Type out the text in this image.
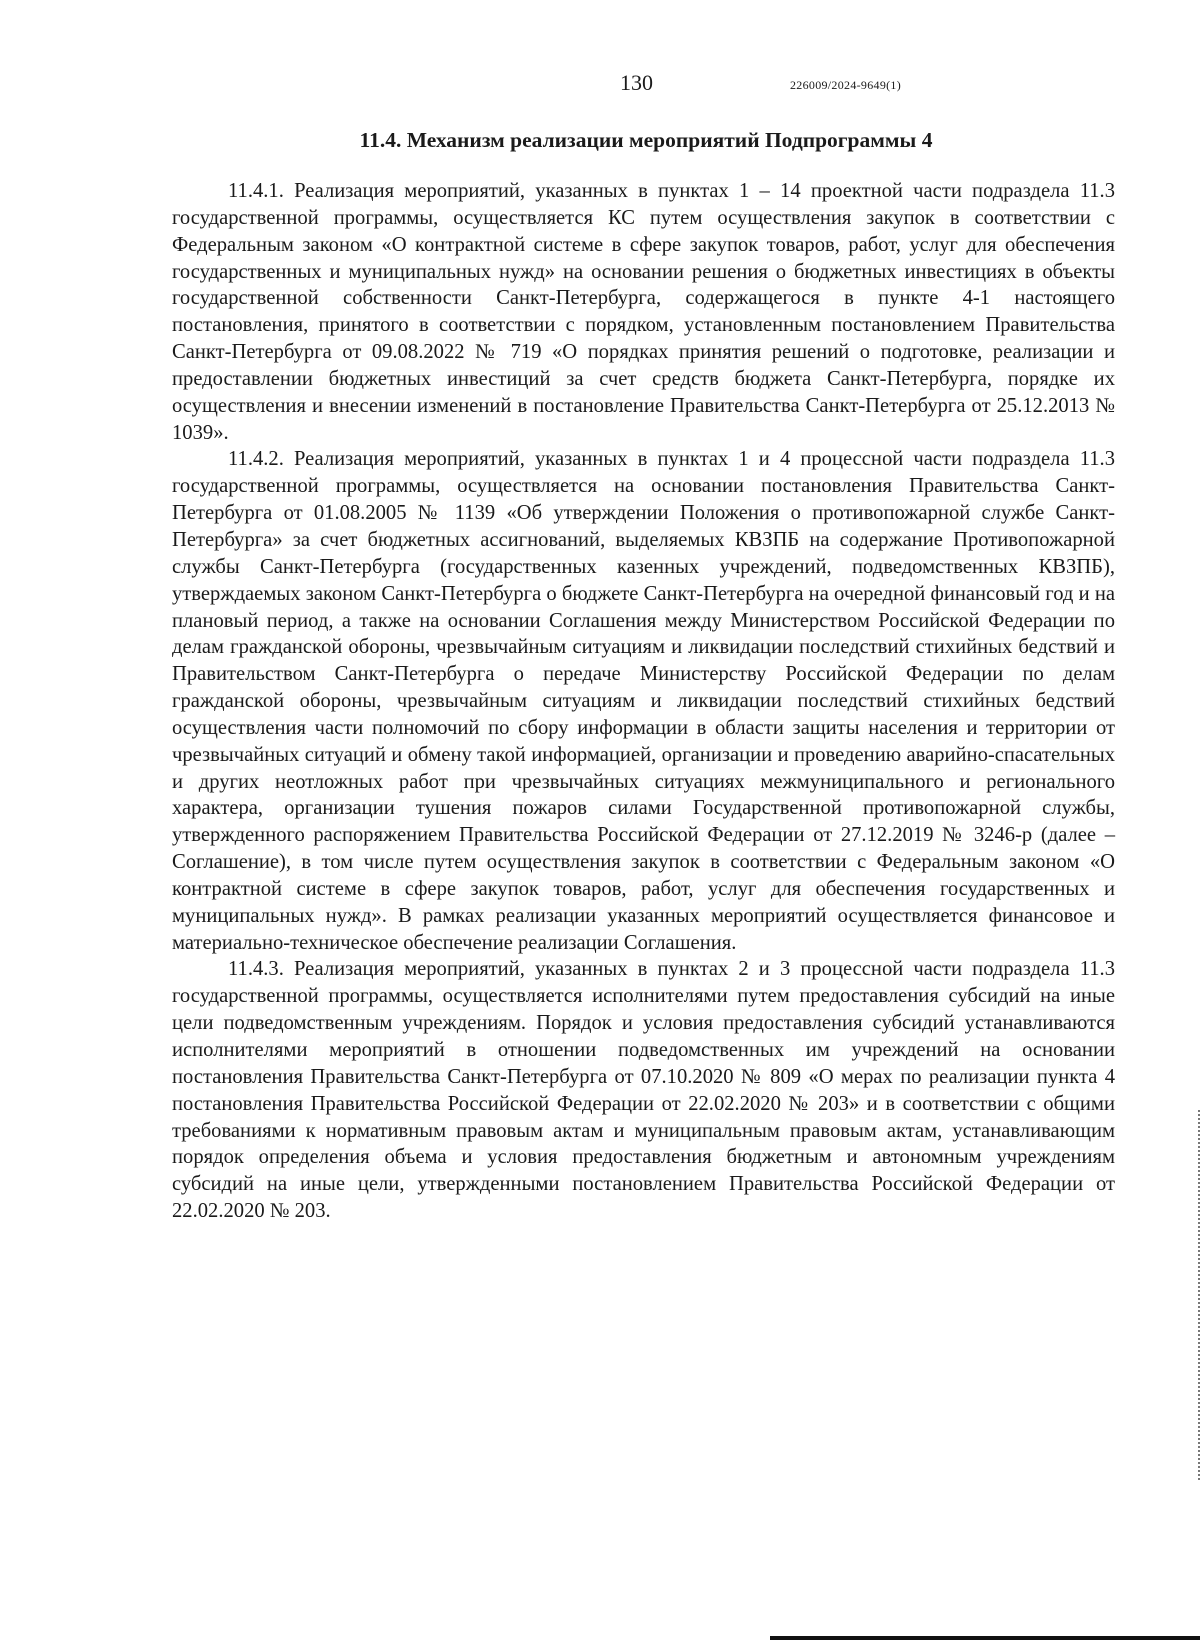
130	226009/2024-9649(1)
11.4. Механизм реализации мероприятий Подпрограммы 4

11.4.1. Реализация мероприятий, указанных в пунктах 1 – 14 проектной части подраздела 11.3 государственной программы, осуществляется КС путем осуществления закупок в соответствии с Федеральным законом «О контрактной системе в сфере закупок товаров, работ, услуг для обеспечения государственных и муниципальных нужд» на основании решения о бюджетных инвестициях в объекты государственной собственности Санкт-Петербурга, содержащегося в пункте 4-1 настоящего постановления, принятого в соответствии с порядком, установленным постановлением Правительства Санкт-Петербурга от 09.08.2022 № 719 «О порядках принятия решений о подготовке, реализации и предоставлении бюджетных инвестиций за счет средств бюджета Санкт-Петербурга, порядке их осуществления и внесении изменений в постановление Правительства Санкт-Петербурга от 25.12.2013 № 1039».

11.4.2. Реализация мероприятий, указанных в пунктах 1 и 4 процессной части подраздела 11.3 государственной программы, осуществляется на основании постановления Правительства Санкт-Петербурга от 01.08.2005 № 1139 «Об утверждении Положения о противопожарной службе Санкт-Петербурга» за счет бюджетных ассигнований, выделяемых КВЗПБ на содержание Противопожарной службы Санкт-Петербурга (государственных казенных учреждений, подведомственных КВЗПБ), утверждаемых законом Санкт-Петербурга о бюджете Санкт-Петербурга на очередной финансовый год и на плановый период, а также на основании Соглашения между Министерством Российской Федерации по делам гражданской обороны, чрезвычайным ситуациям и ликвидации последствий стихийных бедствий и Правительством Санкт-Петербурга о передаче Министерству Российской Федерации по делам гражданской обороны, чрезвычайным ситуациям и ликвидации последствий стихийных бедствий осуществления части полномочий по сбору информации в области защиты населения и территории от чрезвычайных ситуаций и обмену такой информацией, организации и проведению аварийно-спасательных и других неотложных работ при чрезвычайных ситуациях межмуниципального и регионального характера, организации тушения пожаров силами Государственной противопожарной службы, утвержденного распоряжением Правительства Российской Федерации от 27.12.2019 № 3246-р (далее – Соглашение), в том числе путем осуществления закупок в соответствии с Федеральным законом «О контрактной системе в сфере закупок товаров, работ, услуг для обеспечения государственных и муниципальных нужд». В рамках реализации указанных мероприятий осуществляется финансовое и материально-техническое обеспечение реализации Соглашения.

11.4.3. Реализация мероприятий, указанных в пунктах 2 и 3 процессной части подраздела 11.3 государственной программы, осуществляется исполнителями путем предоставления субсидий на иные цели подведомственным учреждениям. Порядок и условия предоставления субсидий устанавливаются исполнителями мероприятий в отношении подведомственных им учреждений на основании постановления Правительства Санкт-Петербурга от 07.10.2020 № 809 «О мерах по реализации пункта 4 постановления Правительства Российской Федерации от 22.02.2020 № 203» и в соответствии с общими требованиями к нормативным правовым актам и муниципальным правовым актам, устанавливающим порядок определения объема и условия предоставления бюджетным и автономным учреждениям субсидий на иные цели, утвержденными постановлением Правительства Российской Федерации от 22.02.2020 № 203.
